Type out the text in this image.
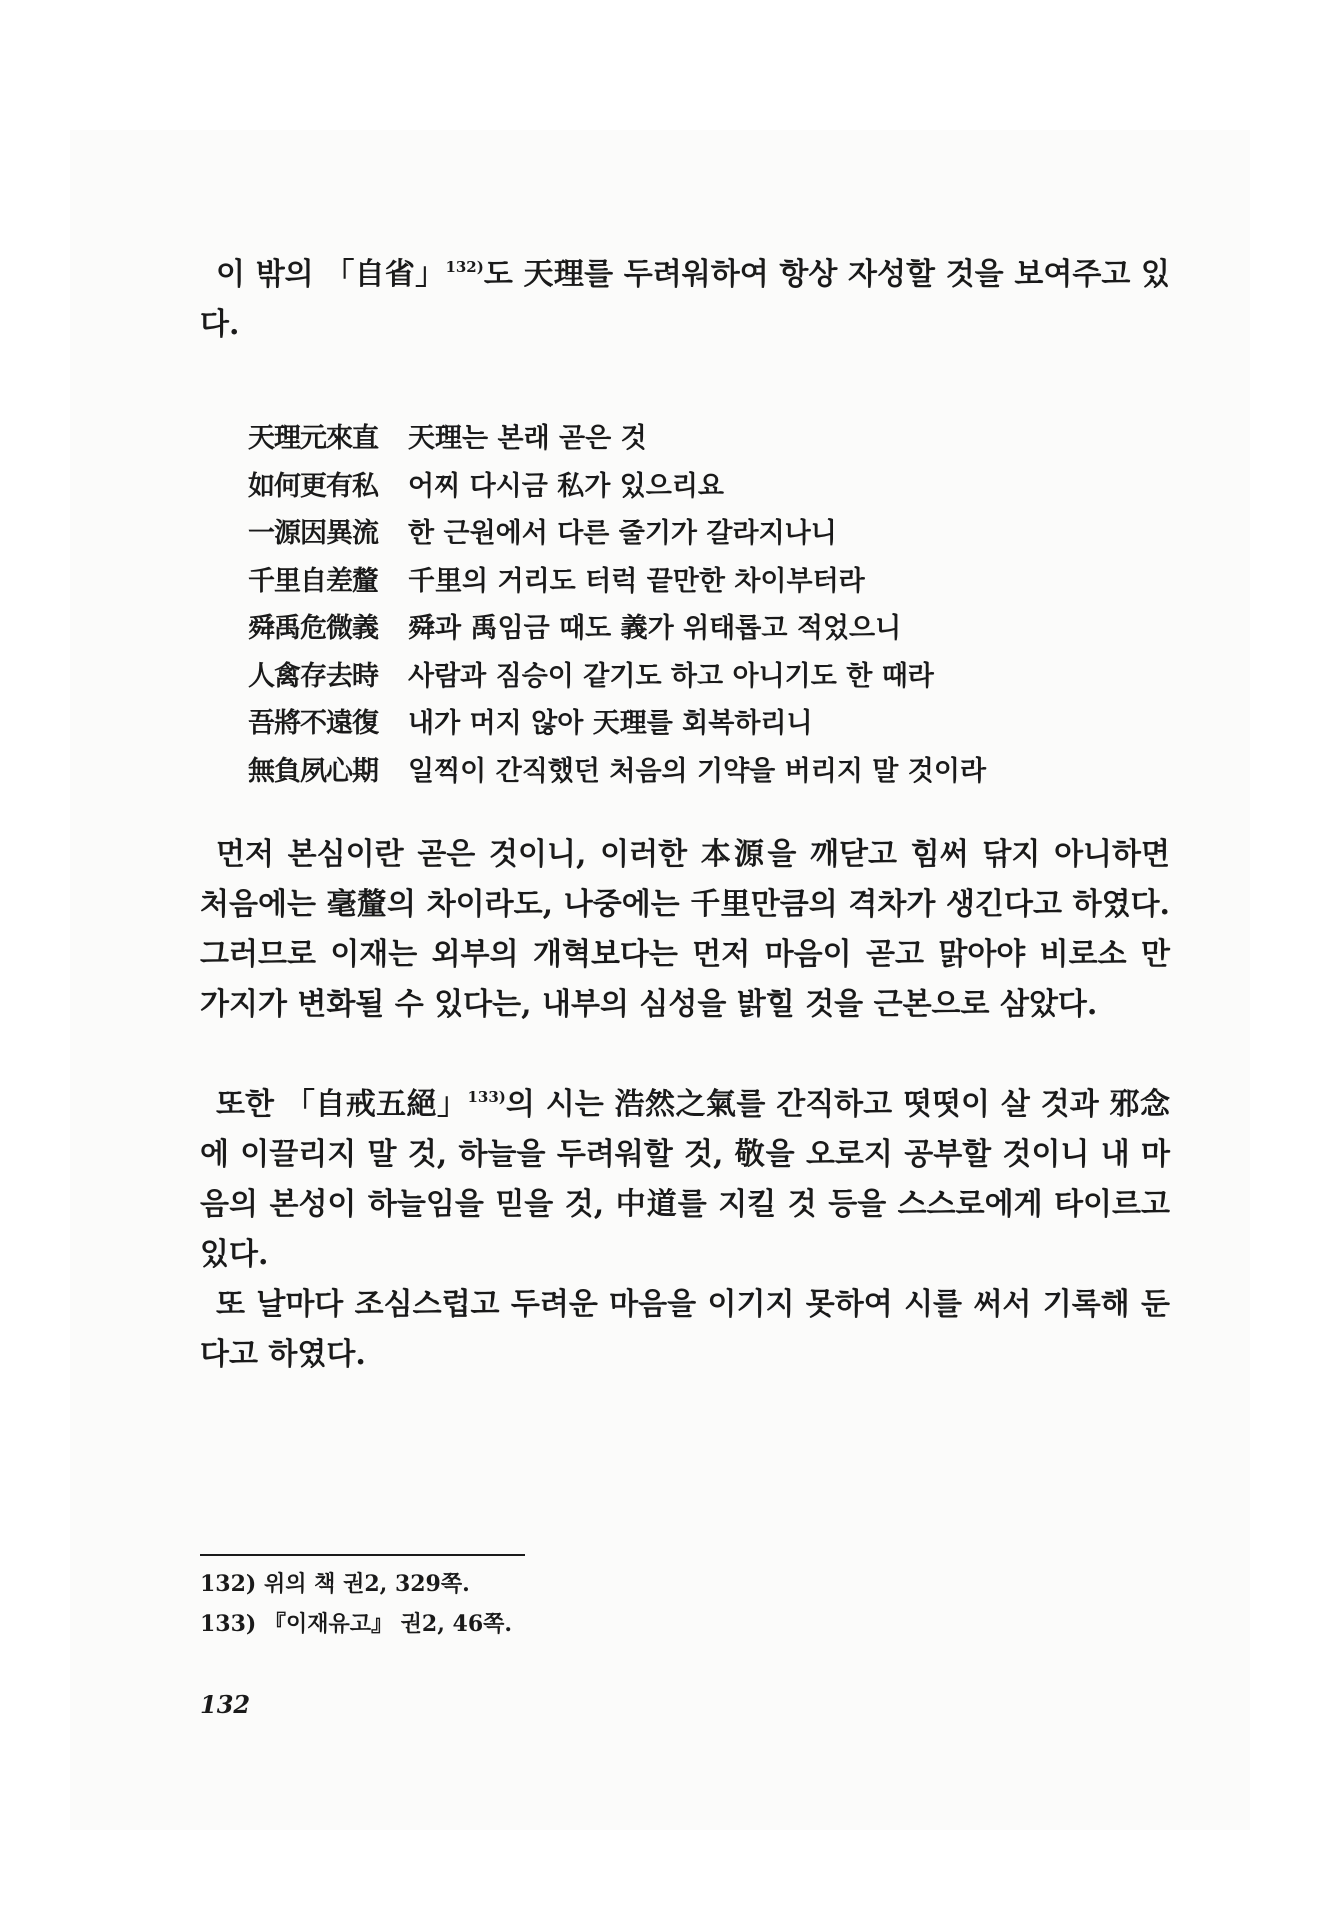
이 밖의 「自省」$^{132)}$도 天理를 두려워하여 항상 자성할 것을 보여주고 있다.

天理元來直	天理는 본래 곧은 것
如何更有私	어찌 다시금 私가 있으리요
一源因異流	한 근원에서 다른 줄기가 갈라지나니
千里自差釐	千里의 거리도 터럭 끝만한 차이부터라
舜禹危微義	舜과 禹임금 때도 義가 위태롭고 적었으니
人禽存去時	사람과 짐승이 같기도 하고 아니기도 한 때라
吾將不遠復	내가 머지 않아 天理를 회복하리니
無負夙心期	일찍이 간직했던 처음의 기약을 버리지 말 것이라

먼저 본심이란 곧은 것이니, 이러한 本源을 깨닫고 힘써 닦지 아니하면 처음에는 毫釐의 차이라도, 나중에는 千里만큼의 격차가 생긴다고 하였다. 그러므로 이재는 외부의 개혁보다는 먼저 마음이 곧고 맑아야 비로소 만 가지가 변화될 수 있다는, 내부의 심성을 밝힐 것을 근본으로 삼았다.

또한 「自戒五絕」$^{133)}$의 시는 浩然之氣를 간직하고 떳떳이 살 것과 邪念에 이끌리지 말 것, 하늘을 두려워할 것, 敬을 오로지 공부할 것이니 내 마음의 본성이 하늘임을 믿을 것, 中道를 지킬 것 등을 스스로에게 타이르고 있다.

또 날마다 조심스럽고 두려운 마음을 이기지 못하여 시를 써서 기록해 둔다고 하였다.

132) 위의 책 권2, 329쪽.
133) 『이재유고』 권2, 46쪽.
132
